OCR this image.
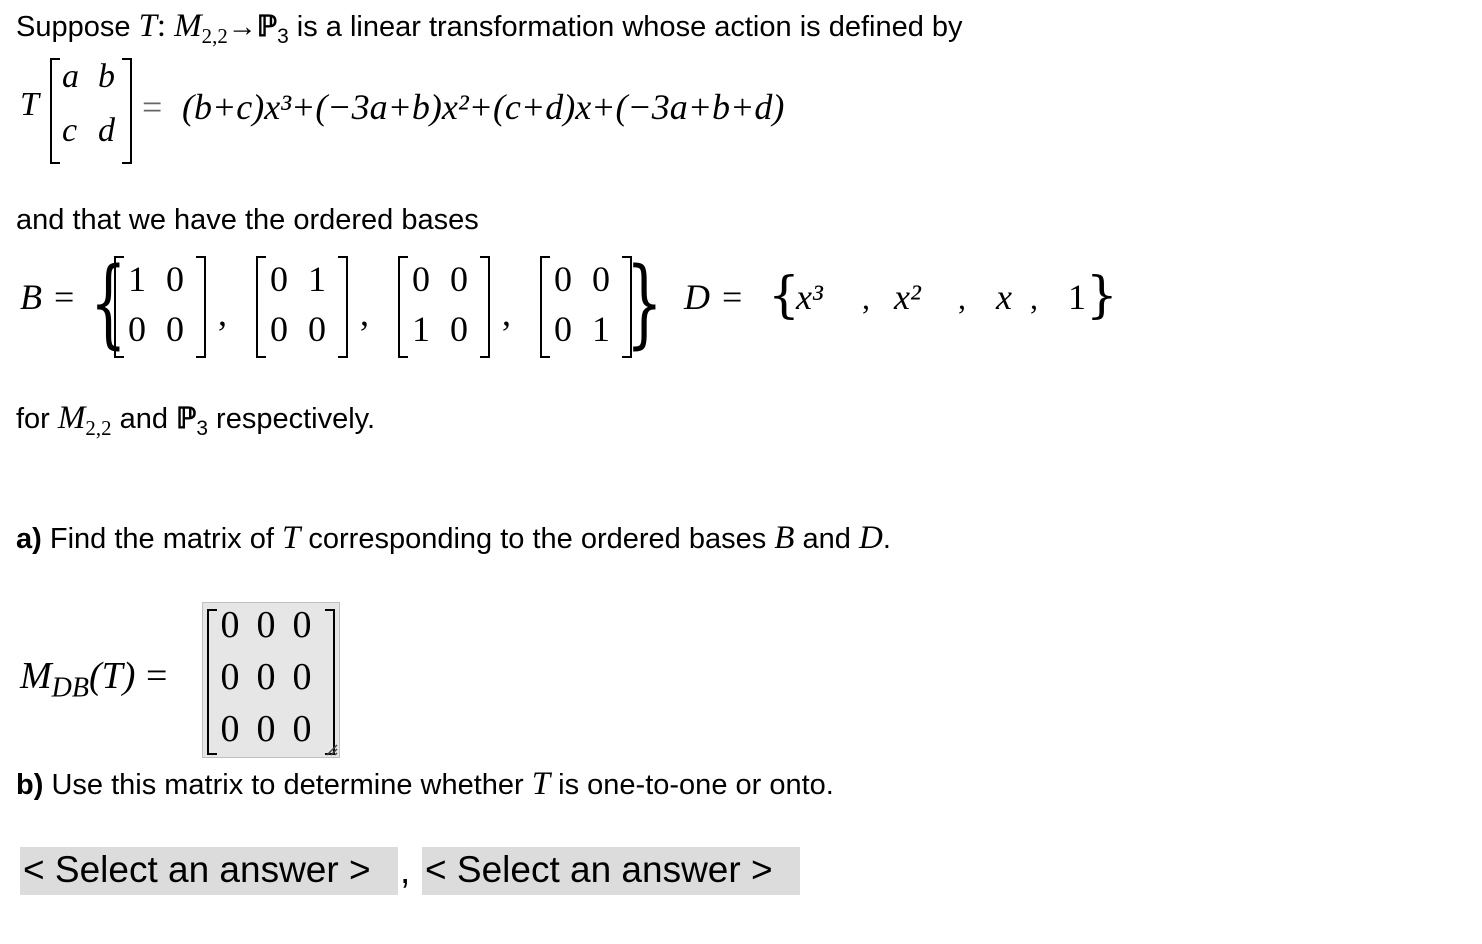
Suppose T: $M_{2,2}\to ℙ_3$ is a linear transformation whose action is defined by
T
a b
c d
= (b+c)x³+(−3a+b)x²+(c+d)x+(−3a+b+d)
and that we have the ordered bases
B = { 1 0
0 0 ,
0 1
0 0 ,
0 0
1 0 ,
0 0
0 1 } D = {
x³ , x² , x , 1 }
for $M_{2,2}$ and ℙ$_3$ respectively.
a) Find the matrix of T corresponding to the ordered bases B and D.
$M_{DB}(T)$ =
0
0
0
0
0
0
0
0
0
b) Use this matrix to determine whether T is one-to-one or onto.
< Select an answer > , < Select an answer >
